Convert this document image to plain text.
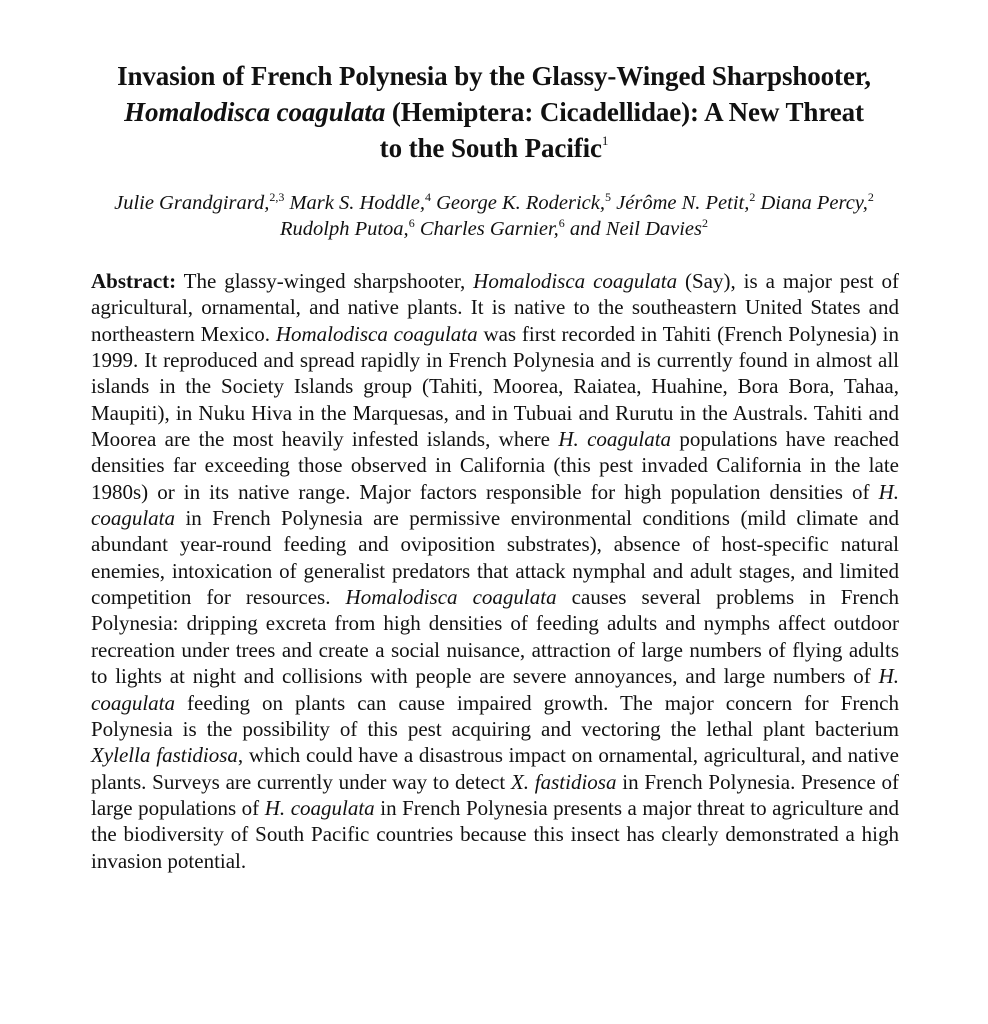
Invasion of French Polynesia by the Glassy-Winged Sharpshooter,
Homalodisca coagulata (Hemiptera: Cicadellidae): A New Threat
to the South Pacific$^1$
Julie Grandgirard,$^{2,3}$ Mark S. Hoddle,$^4$ George K. Roderick,$^5$ Jérôme N. Petit,$^2$ Diana Percy,$^2$
Rudolph Putoa,$^6$ Charles Garnier,$^6$ and Neil Davies$^2$

Abstract: The glassy-winged sharpshooter, Homalodisca coagulata (Say), is a major pest of agricultural, ornamental, and native plants. It is native to the southeastern United States and northeastern Mexico. Homalodisca coagulata was first recorded in Tahiti (French Polynesia) in 1999. It reproduced and spread rapidly in French Polynesia and is currently found in almost all islands in the Society Islands group (Tahiti, Moorea, Raiatea, Huahine, Bora Bora, Tahaa, Maupiti), in Nuku Hiva in the Marquesas, and in Tubuai and Rurutu in the Australs. Tahiti and Moorea are the most heavily infested islands, where H. coagulata populations have reached densities far exceeding those observed in California (this pest invaded California in the late 1980s) or in its native range. Major factors responsible for high population densities of H. coagulata in French Polynesia are permissive environmental conditions (mild climate and abundant year-round feeding and oviposition substrates), absence of host-specific natural enemies, intoxication of generalist predators that attack nymphal and adult stages, and limited competition for resources. Homalodisca coagulata causes several problems in French Polynesia: dripping excreta from high densities of feeding adults and nymphs affect outdoor recreation under trees and create a social nuisance, attraction of large numbers of flying adults to lights at night and collisions with people are severe annoyances, and large numbers of H. coagulata feeding on plants can cause impaired growth. The major concern for French Polynesia is the possibility of this pest acquiring and vectoring the lethal plant bacterium Xylella fastidiosa, which could have a disastrous impact on ornamental, agricultural, and native plants. Surveys are currently under way to detect X. fastidiosa in French Polynesia. Presence of large populations of H. coagulata in French Polynesia presents a major threat to agriculture and the biodiversity of South Pacific countries because this insect has clearly demonstrated a high invasion potential.
